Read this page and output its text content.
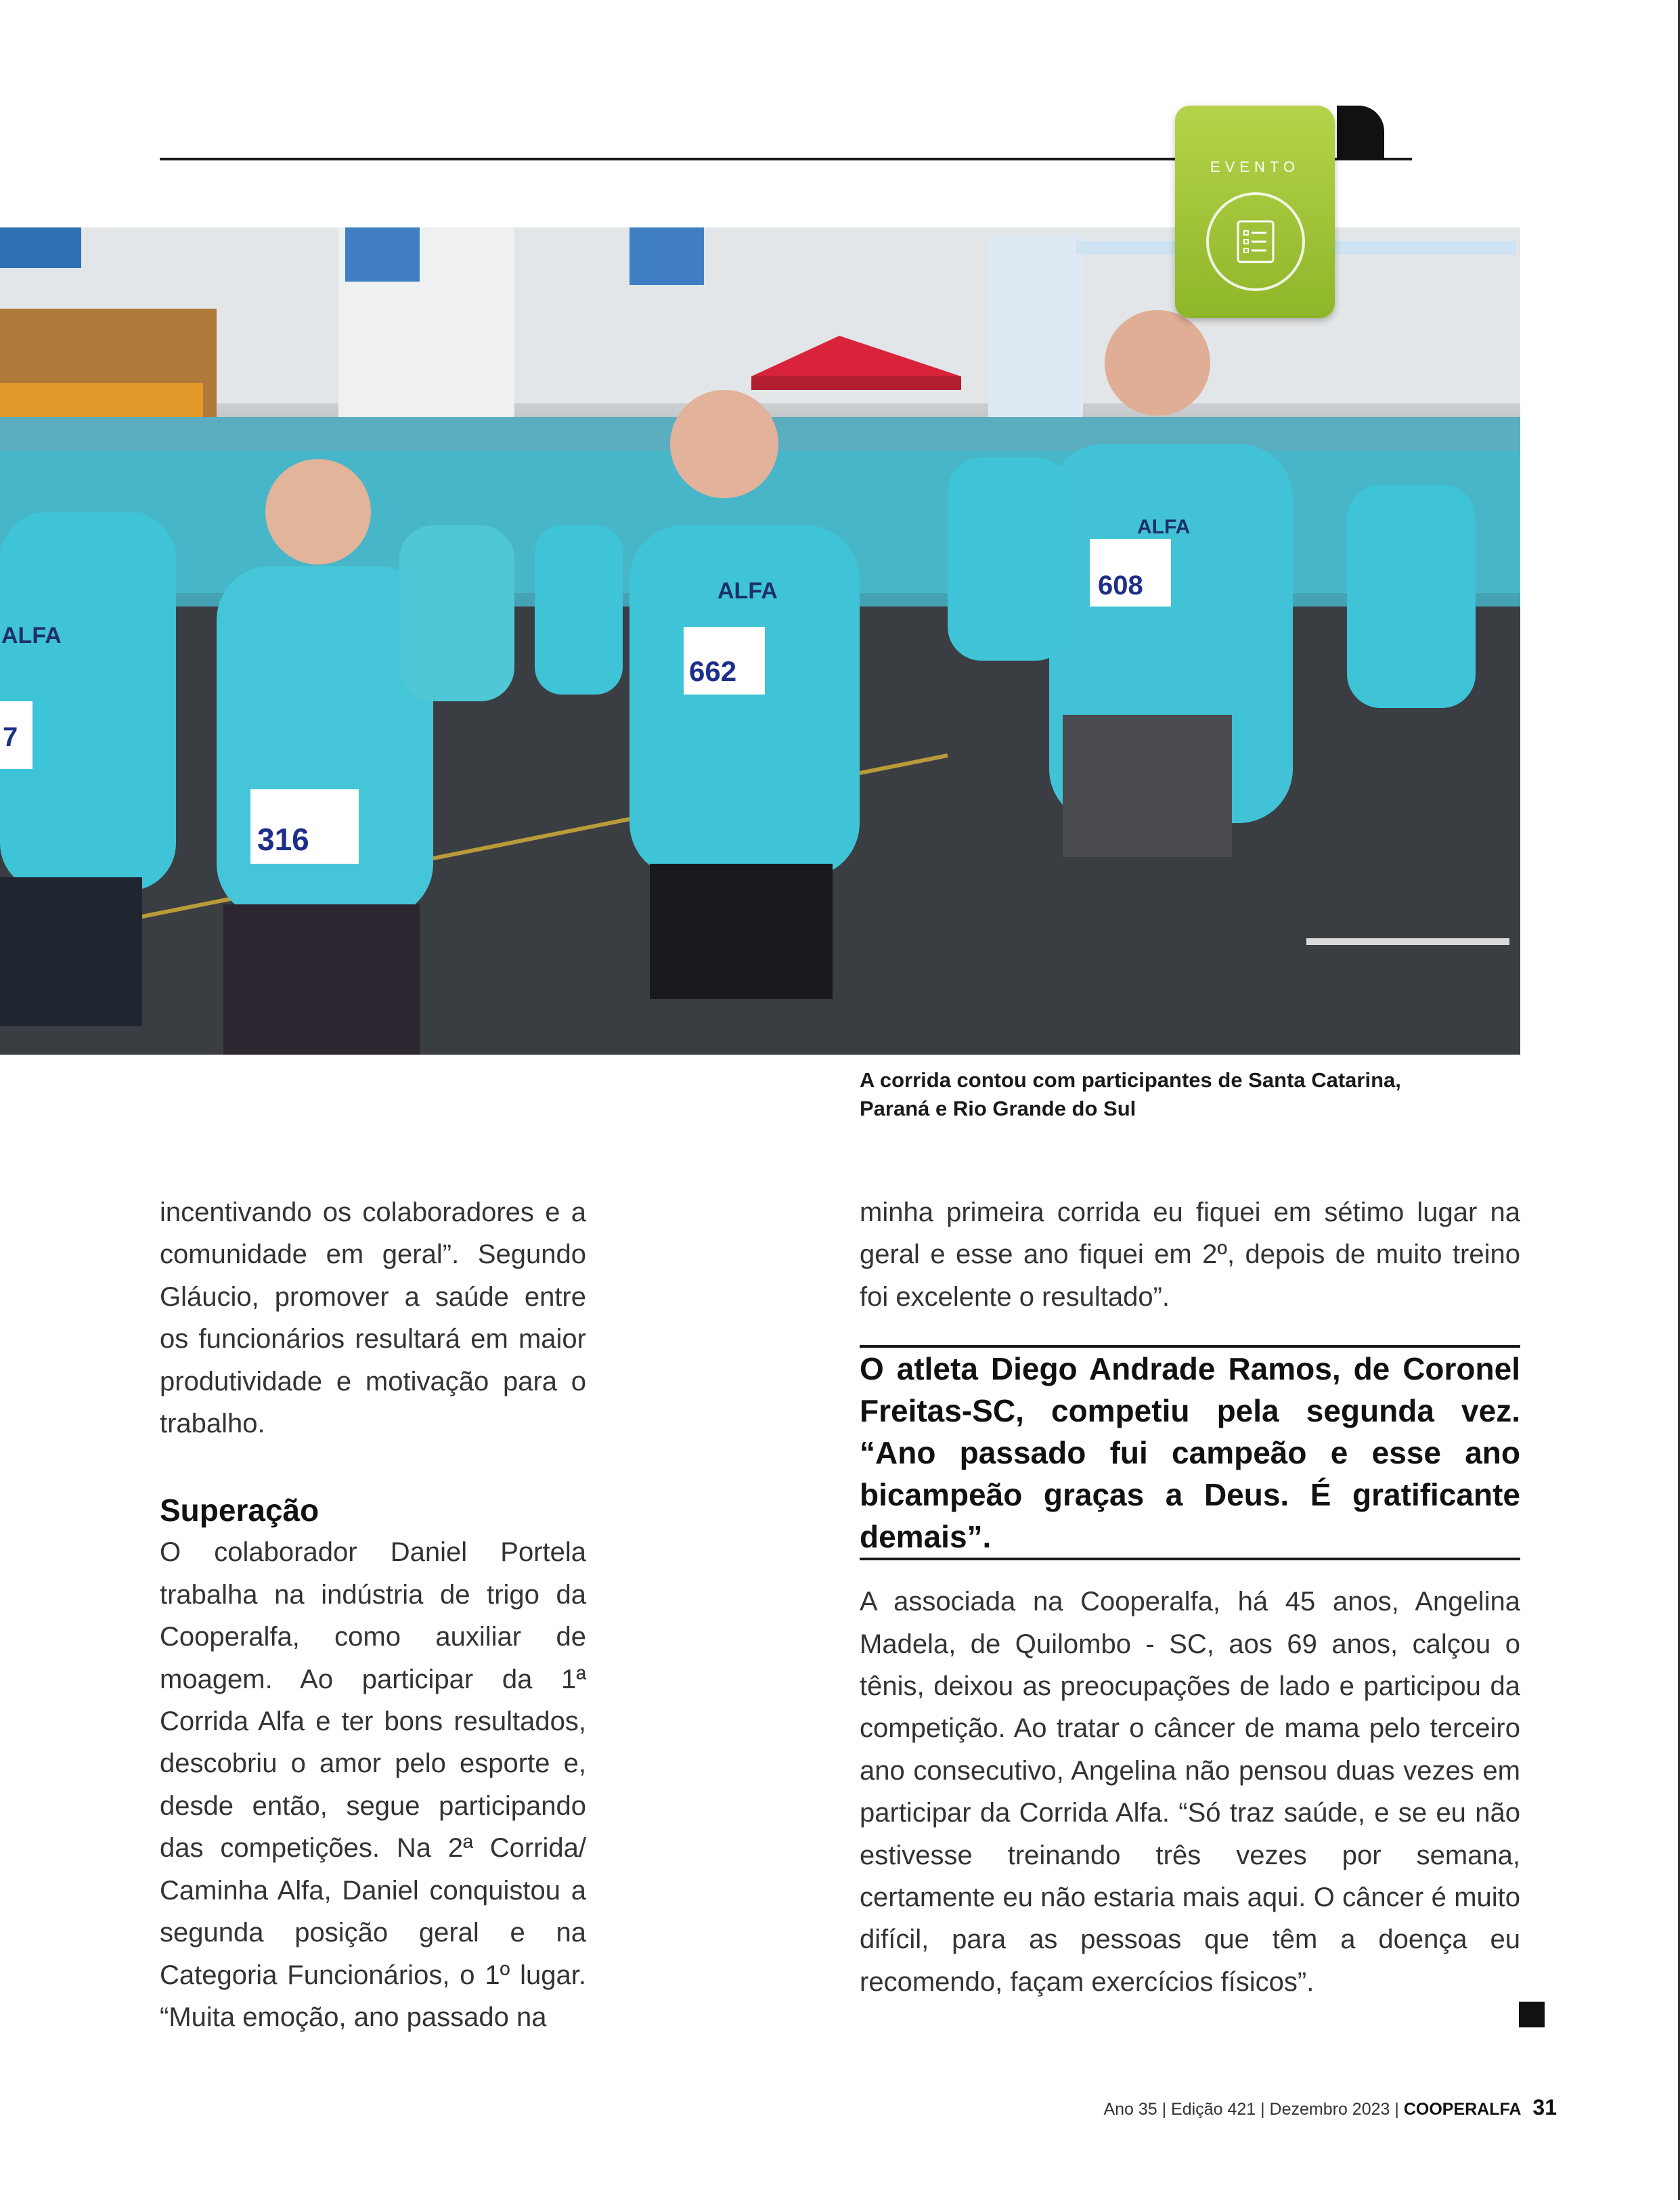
316
662
608
7
ALFA
ALFA
ALFA
EVENTO
A corrida contou com participantes de Santa Catarina, Paraná e Rio Grande do Sul

incentivando os colaboradores e a comunidade em geral”. Segundo Gláucio, promover a saúde entre os funcionários resultará em maior produtividade e motivação para o trabalho.

Superação

O colaborador Daniel Portela trabalha na indústria de trigo da Cooperalfa, como auxiliar de moagem. Ao participar da 1ª Corrida Alfa e ter bons resultados, descobriu o amor pelo esporte e, desde então, segue participando das competições. Na 2ª Corrida/ Caminha Alfa, Daniel conquistou a segunda posição geral e na Categoria Funcionários, o 1º lugar. “Muita emoção, ano passado na

minha primeira corrida eu fiquei em sétimo lugar na geral e esse ano fiquei em 2º, depois de muito treino foi excelente o resultado”.

O atleta Diego Andrade Ramos, de Coronel Freitas-SC, competiu pela segunda vez. “Ano passado fui campeão e esse ano bicampeão graças a Deus. É gratificante demais”.

A associada na Cooperalfa, há 45 anos, Angelina Madela, de Quilombo - SC, aos 69 anos, calçou o tênis, deixou as preocupações de lado e participou da competição. Ao tratar o câncer de mama pelo terceiro ano consecutivo, Angelina não pensou duas vezes em participar da Corrida Alfa. “Só traz saúde, e se eu não estivesse treinando três vezes por semana, certamente eu não estaria mais aqui. O câncer é muito difícil, para as pessoas que têm a doença eu recomendo, façam exercícios físicos”.

Ano 35 | Edição 421 | Dezembro 2023 | COOPERALFA 31
